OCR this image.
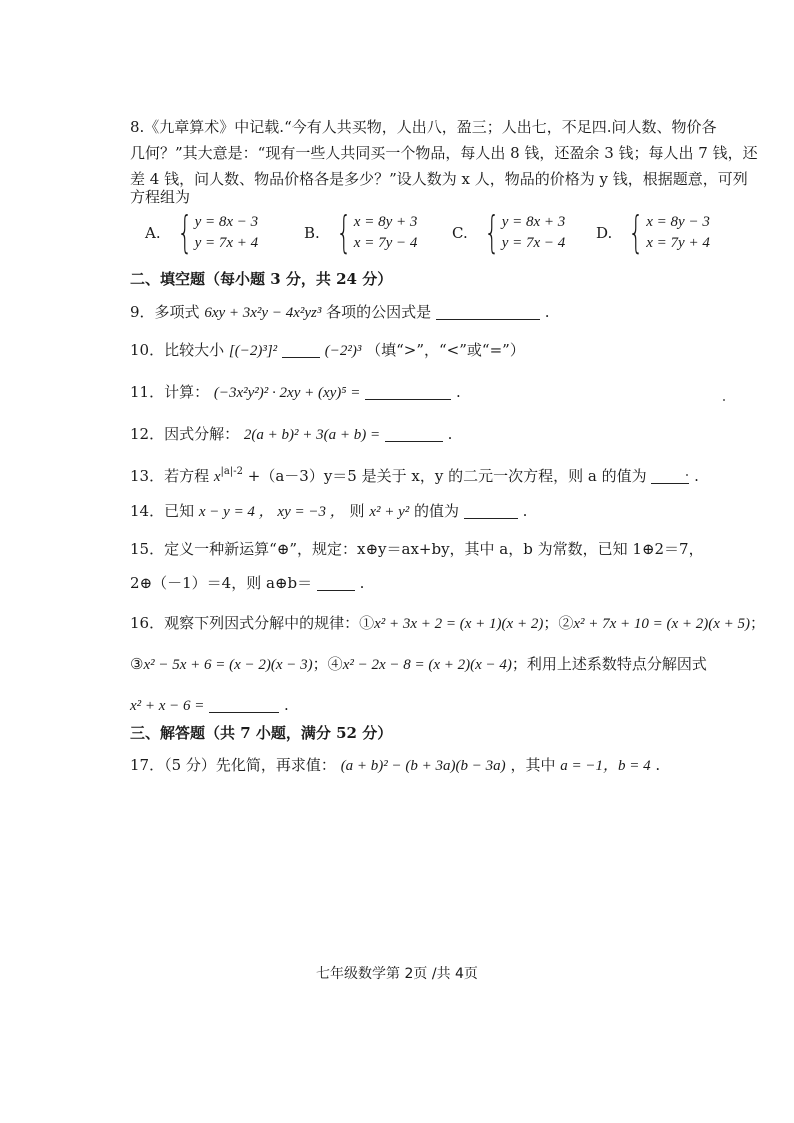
8.《九章算术》中记载.“今有人共买物，人出八，盈三；人出七，不足四.问人数、物价各
几何？”其大意是：“现有一些人共同买一个物品，每人出 8 钱，还盈余 3 钱；每人出 7 钱，还
差 4 钱，问人数、物品价格各是多少？”设人数为 x 人，物品的价格为 y 钱，根据题意，可列
方程组为
A. { y = 8x − 3
y = 7x + 4
B. { x = 8y + 3
x = 7y − 4
C. { y = 8x + 3
y = 7x − 4
D. { x = 8y − 3
x = 7y + 4
二、填空题（每小题 3 分，共 24 分）
9．多项式 6xy + 3x²y − 4x²yz³ 各项的公因式是	.
10．比较大小 [(−2)³]²	(−2²)³ （填“>”，“<”或“=”）
11．计算： (−3x²y²)² · 2xy + (xy)⁵ =	.
12．因式分解： 2(a + b)² + 3(a + b) =	.
13．若方程 $x^{|a|-2} +(a-3)y=5$ 是关于 x，y 的二元一次方程，则 a 的值为	.
14．已知 x − y = 4 ， xy = −3 ， 则 x² + y² 的值为	.
15．定义一种新运算“⊕”，规定：x⊕y＝ax+by，其中 a，b 为常数，已知 1⊕2＝7，
2⊕（－1）＝4，则 a⊕b＝	.
16．观察下列因式分解中的规律：①x² + 3x + 2 = (x + 1)(x + 2)；②x² + 7x + 10 = (x + 2)(x + 5)；
③x² − 5x + 6 = (x − 2)(x − 3)；④x² − 2x − 8 = (x + 2)(x − 4)；利用上述系数特点分解因式
x² + x − 6 =	.
三、解答题（共 7 小题，满分 52 分）
17．（5 分）先化简，再求值： (a + b)² − (b + 3a)(b − 3a) ，其中 a = −1，b = 4 .
七年级数学第 2页 /共 4页
